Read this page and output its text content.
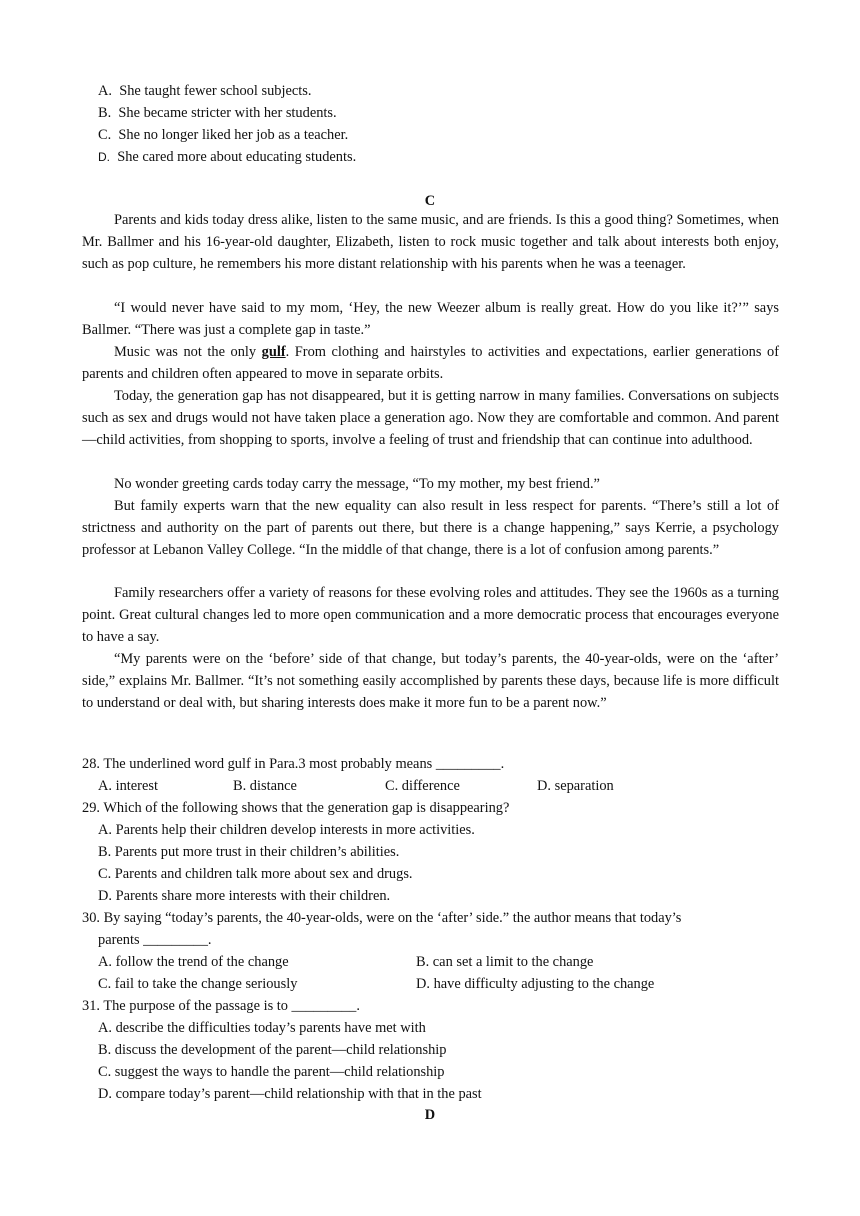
A. She taught fewer school subjects.
B. She became stricter with her students.
C. She no longer liked her job as a teacher.
D. She cared more about educating students.
C
Parents and kids today dress alike, listen to the same music, and are friends. Is this a good thing? Sometimes, when Mr. Ballmer and his 16-year-old daughter, Elizabeth, listen to rock music together and talk about interests both enjoy, such as pop culture, he remembers his more distant relationship with his parents when he was a teenager.
“I would never have said to my mom, ‘Hey, the new Weezer album is really great. How do you like it?’” says Ballmer. “There was just a complete gap in taste.”
Music was not the only gulf. From clothing and hairstyles to activities and expectations, earlier generations of parents and children often appeared to move in separate orbits.
Today, the generation gap has not disappeared, but it is getting narrow in many families. Conversations on subjects such as sex and drugs would not have taken place a generation ago. Now they are comfortable and common. And parent—child activities, from shopping to sports, involve a feeling of trust and friendship that can continue into adulthood.
No wonder greeting cards today carry the message, “To my mother, my best friend.”
But family experts warn that the new equality can also result in less respect for parents. “There’s still a lot of strictness and authority on the part of parents out there, but there is a change happening,” says Kerrie, a psychology professor at Lebanon Valley College. “In the middle of that change, there is a lot of confusion among parents.”
Family researchers offer a variety of reasons for these evolving roles and attitudes. They see the 1960s as a turning point. Great cultural changes led to more open communication and a more democratic process that encourages everyone to have a say.
“My parents were on the ‘before’ side of that change, but today’s parents, the 40-year-olds, were on the ‘after’ side,” explains Mr. Ballmer. “It’s not something easily accomplished by parents these days, because life is more difficult to understand or deal with, but sharing interests does make it more fun to be a parent now.”
28. The underlined word gulf in Para.3 most probably means _________.
A. interest	B. distance	C. difference	D. separation
29. Which of the following shows that the generation gap is disappearing?
A. Parents help their children develop interests in more activities.
B. Parents put more trust in their children’s abilities.
C. Parents and children talk more about sex and drugs.
D. Parents share more interests with their children.
30. By saying “today’s parents, the 40-year-olds, were on the ‘after’ side.” the author means that today’s
parents _________.
A. follow the trend of the change	B. can set a limit to the change
C. fail to take the change seriously	D. have difficulty adjusting to the change
31. The purpose of the passage is to _________.
A. describe the difficulties today’s parents have met with
B. discuss the development of the parent—child relationship
C. suggest the ways to handle the parent—child relationship
D. compare today’s parent—child relationship with that in the past
D
